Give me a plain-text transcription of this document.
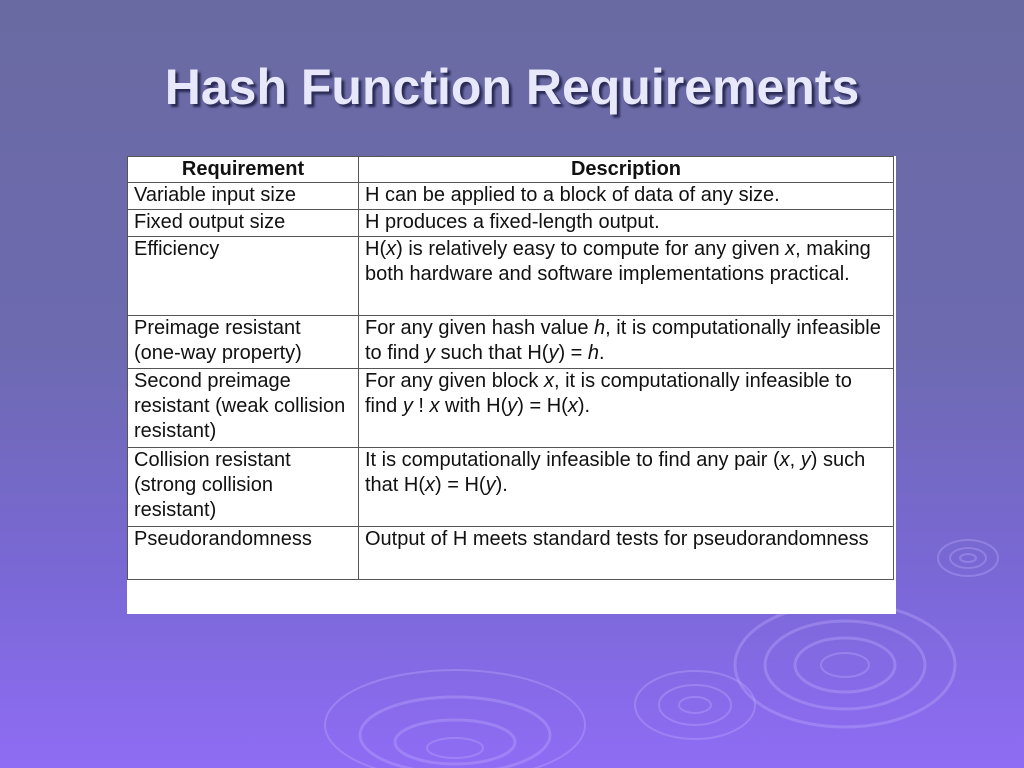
Hash Function Requirements
Requirement	Description
Variable input size	H can be applied to a block of data of any size.
Fixed output size	H produces a fixed-length output.
Efficiency	H(x) is relatively easy to compute for any given x, making both hardware and software implementations practical.
Preimage resistant (one-way property)	For any given hash value h, it is computationally infeasible to find y such that H(y) = h.
Second preimage resistant (weak collision resistant)	For any given block x, it is computationally infeasible to find y ! x with H(y) = H(x).
Collision resistant (strong collision resistant)	It is computationally infeasible to find any pair (x, y) such that H(x) = H(y).
Pseudorandomness	Output of H meets standard tests for pseudorandomness
